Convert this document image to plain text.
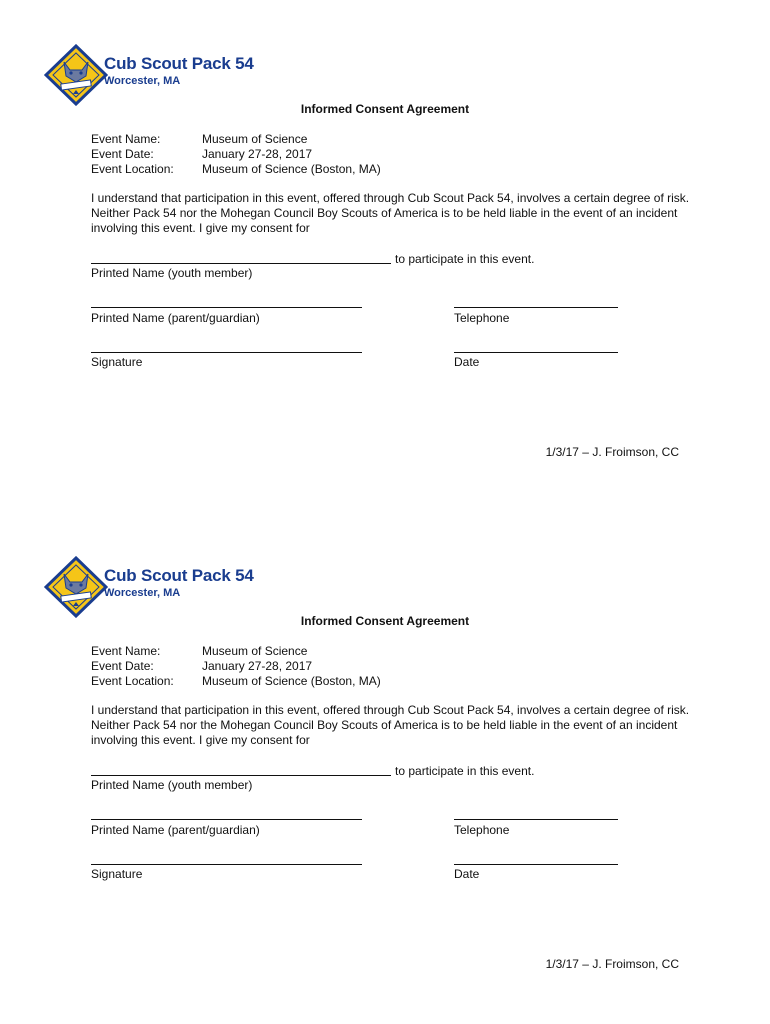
Cub Scout Pack 54
Worcester, MA
Informed Consent Agreement
Event Name:	Museum of Science
Event Date:	January 27-28, 2017
Event Location: Museum of Science (Boston, MA)

I understand that participation in this event, offered through Cub Scout Pack 54, involves a certain degree of risk. Neither Pack 54 nor the Mohegan Council Boy Scouts of America is to be held liable in the event of an incident involving this event. I give my consent for

to participate in this event.
Printed Name (youth member)
Printed Name (parent/guardian)	Telephone
Signature	Date
1/3/17 – J. Froimson, CC
Cub Scout Pack 54
Worcester, MA
Informed Consent Agreement
Event Name:	Museum of Science
Event Date:	January 27-28, 2017
Event Location: Museum of Science (Boston, MA)

I understand that participation in this event, offered through Cub Scout Pack 54, involves a certain degree of risk. Neither Pack 54 nor the Mohegan Council Boy Scouts of America is to be held liable in the event of an incident involving this event. I give my consent for

to participate in this event.
Printed Name (youth member)
Printed Name (parent/guardian)	Telephone
Signature	Date
1/3/17 – J. Froimson, CC
